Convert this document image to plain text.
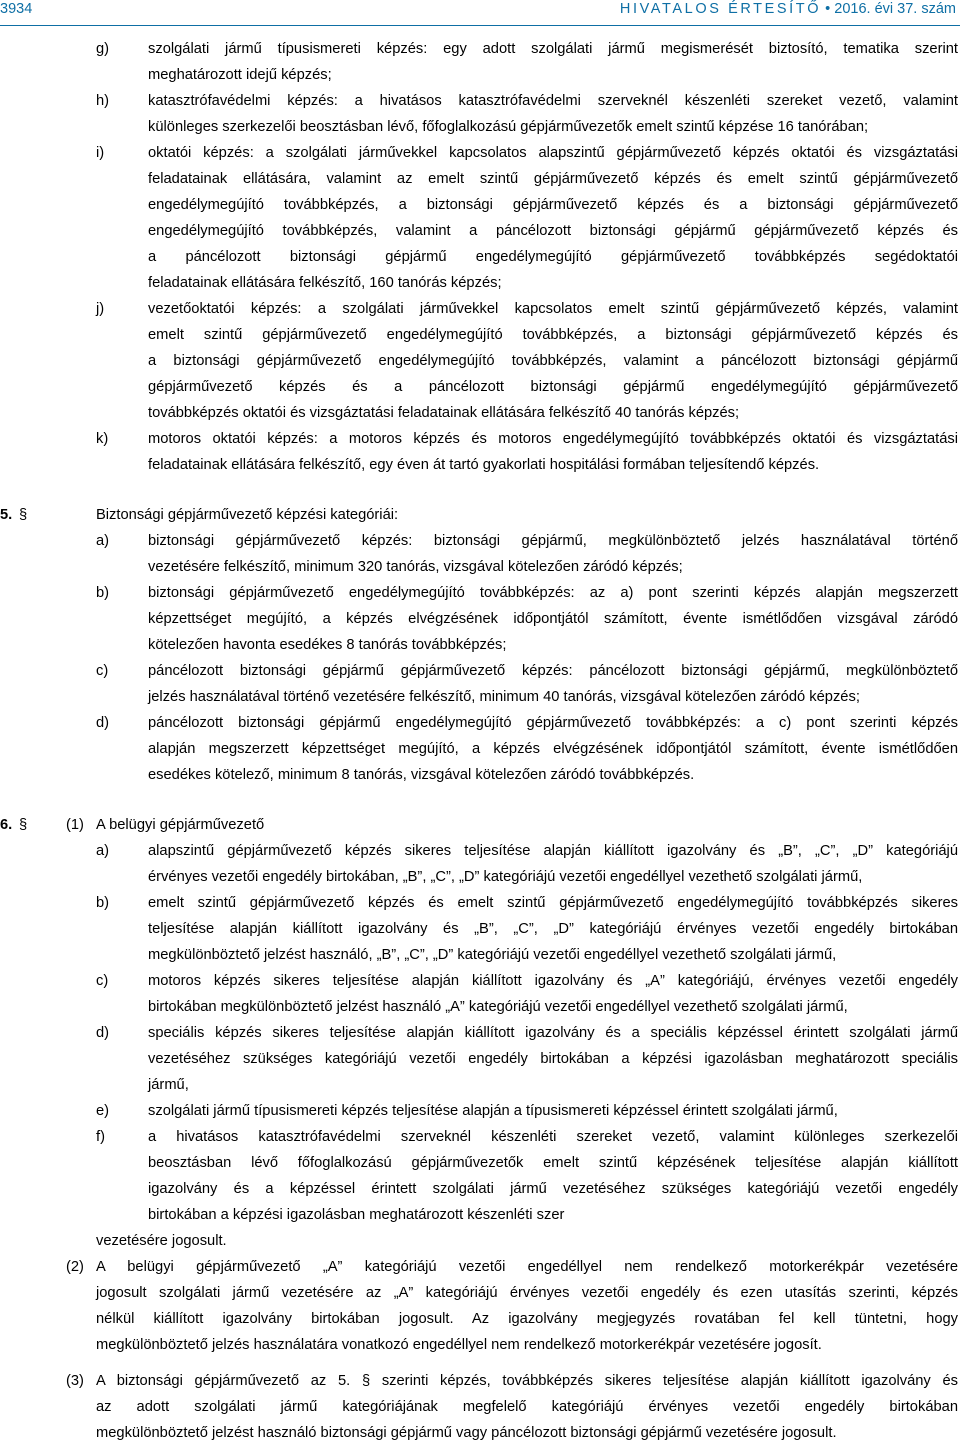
3934	HIVATALOS ÉRTESÍTŐ • 2016. évi 37. szám
g)	szolgálati jármű típusismereti képzés: egy adott szolgálati jármű megismerését biztosító, tematika szerint
meghatározott idejű képzés;
h)	katasztrófavédelmi képzés: a hivatásos katasztrófavédelmi szerveknél készenléti szereket vezető, valamint
különleges szerkezelői beosztásban lévő, főfoglalkozású gépjárművezetők emelt szintű képzése 16 tanórában;
i)	oktatói képzés: a szolgálati járművekkel kapcsolatos alapszintű gépjárművezető képzés oktatói és vizsgáztatási
feladatainak ellátására, valamint az emelt szintű gépjárművezető képzés és emelt szintű gépjárművezető
engedélymegújító továbbképzés, a biztonsági gépjárművezető képzés és a biztonsági gépjárművezető
engedélymegújító továbbképzés, valamint a páncélozott biztonsági gépjármű gépjárművezető képzés és
a páncélozott biztonsági gépjármű engedélymegújító gépjárművezető továbbképzés segédoktatói
feladatainak ellátására felkészítő, 160 tanórás képzés;
j)	vezetőoktatói képzés: a szolgálati járművekkel kapcsolatos emelt szintű gépjárművezető képzés, valamint
emelt szintű gépjárművezető engedélymegújító továbbképzés, a biztonsági gépjárművezető képzés és
a biztonsági gépjárművezető engedélymegújító továbbképzés, valamint a páncélozott biztonsági gépjármű
gépjárművezető képzés és a páncélozott biztonsági gépjármű engedélymegújító gépjárművezető
továbbképzés oktatói és vizsgáztatási feladatainak ellátására felkészítő 40 tanórás képzés;
k)	motoros oktatói képzés: a motoros képzés és motoros engedélymegújító továbbképzés oktatói és vizsgáztatási
feladatainak ellátására felkészítő, egy éven át tartó gyakorlati hospitálási formában teljesítendő képzés.
5. §	Biztonsági gépjárművezető képzési kategóriái:
a)	biztonsági gépjárművezető képzés: biztonsági gépjármű, megkülönböztető jelzés használatával történő
vezetésére felkészítő, minimum 320 tanórás, vizsgával kötelezően záródó képzés;
b)	biztonsági gépjárművezető engedélymegújító továbbképzés: az a) pont szerinti képzés alapján megszerzett
képzettséget megújító, a képzés elvégzésének időpontjától számított, évente ismétlődően vizsgával záródó
kötelezően havonta esedékes 8 tanórás továbbképzés;
c)	páncélozott biztonsági gépjármű gépjárművezető képzés: páncélozott biztonsági gépjármű, megkülönböztető
jelzés használatával történő vezetésére felkészítő, minimum 40 tanórás, vizsgával kötelezően záródó képzés;
d)	páncélozott biztonsági gépjármű engedélymegújító gépjárművezető továbbképzés: a c) pont szerinti képzés
alapján megszerzett képzettséget megújító, a képzés elvégzésének időpontjától számított, évente ismétlődően
esedékes kötelező, minimum 8 tanórás, vizsgával kötelezően záródó továbbképzés.
6. §	(1) A belügyi gépjárművezető
a)	alapszintű gépjárművezető képzés sikeres teljesítése alapján kiállított igazolvány és „B”, „C”, „D” kategóriájú
érvényes vezetői engedély birtokában, „B”, „C”, „D” kategóriájú vezetői engedéllyel vezethető szolgálati jármű,
b)	emelt szintű gépjárművezető képzés és emelt szintű gépjárművezető engedélymegújító továbbképzés sikeres
teljesítése alapján kiállított igazolvány és „B”, „C”, „D” kategóriájú érvényes vezetői engedély birtokában
megkülönböztető jelzést használó, „B”, „C”, „D” kategóriájú vezetői engedéllyel vezethető szolgálati jármű,
c)	motoros képzés sikeres teljesítése alapján kiállított igazolvány és „A” kategóriájú, érvényes vezetői engedély
birtokában megkülönböztető jelzést használó „A” kategóriájú vezetői engedéllyel vezethető szolgálati jármű,
d)	speciális képzés sikeres teljesítése alapján kiállított igazolvány és a speciális képzéssel érintett szolgálati jármű
vezetéséhez szükséges kategóriájú vezetői engedély birtokában a képzési igazolásban meghatározott speciális
jármű,
e)	szolgálati jármű típusismereti képzés teljesítése alapján a típusismereti képzéssel érintett szolgálati jármű,
f)	a hivatásos katasztrófavédelmi szerveknél készenléti szereket vezető, valamint különleges szerkezelői
beosztásban lévő főfoglalkozású gépjárművezetők emelt szintű képzésének teljesítése alapján kiállított
igazolvány és a képzéssel érintett szolgálati jármű vezetéséhez szükséges kategóriájú vezetői engedély
birtokában a képzési igazolásban meghatározott készenléti szer
vezetésére jogosult.
(2) A belügyi gépjárművezető „A” kategóriájú vezetői engedéllyel nem rendelkező motorkerékpár vezetésére
jogosult szolgálati jármű vezetésére az „A” kategóriájú érvényes vezetői engedély és ezen utasítás szerinti, képzés
nélkül kiállított igazolvány birtokában jogosult. Az igazolvány megjegyzés rovatában fel kell tüntetni, hogy
megkülönböztető jelzés használatára vonatkozó engedéllyel nem rendelkező motorkerékpár vezetésére jogosít.
(3) A biztonsági gépjárművezető az 5. § szerinti képzés, továbbképzés sikeres teljesítése alapján kiállított igazolvány és
az adott szolgálati jármű kategóriájának megfelelő kategóriájú érvényes vezetői engedély birtokában
megkülönböztető jelzést használó biztonsági gépjármű vagy páncélozott biztonsági gépjármű vezetésére jogosult.
